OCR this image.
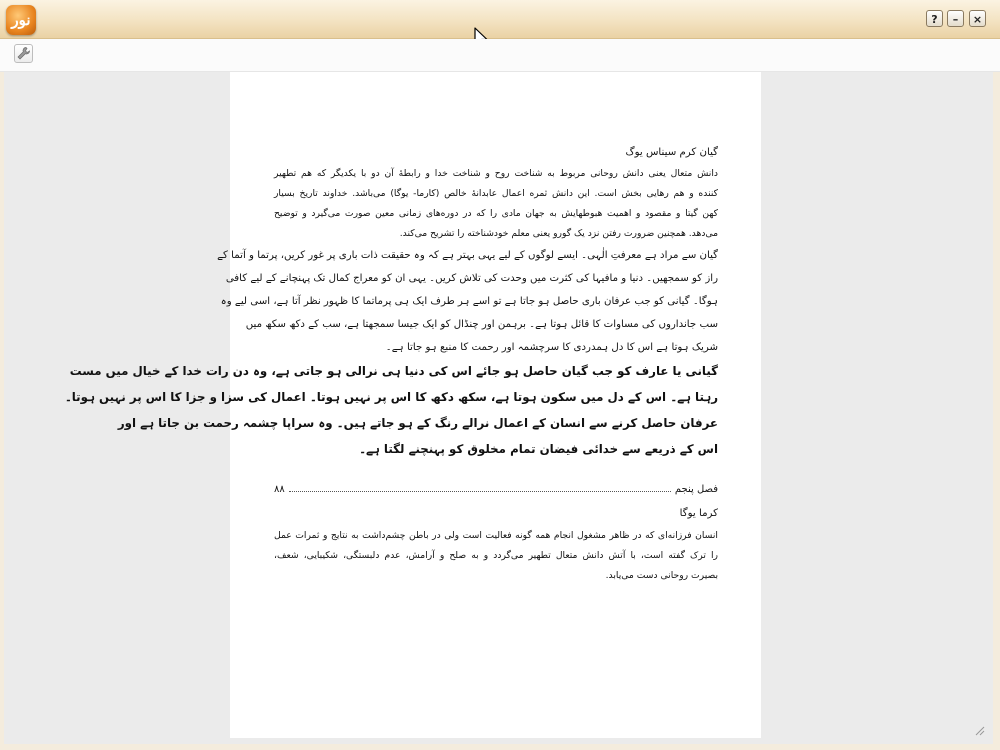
نور	?	–	×
گیان کرم سیناس یوگ
دانش متعال یعنی دانش روحانی مربوط به شناخت روح و شناخت خدا و رابطهٔ آن دو با یکدیگر که هم تطهیر
کننده و هم رهایی بخش است. این دانش ثمره اعمال عابدانهٔ خالص (کارما- یوگا) می‌باشد. خداوند تاریخ بسیار
کهن گیتا و مقصود و اهمیت هبوطهایش به جهان مادی را که در دوره‌های زمانی معین صورت می‌گیرد و توضیح
می‌دهد. همچنین ضرورت رفتن نزد یک گورو یعنی معلم خودشناخته را تشریح می‌کند.
گیان سے مراد ہے معرفتِ الٰہی۔ ایسے لوگوں کے لیے یہی بہتر ہے کہ وہ حقیقت ذات باری پر غور کریں، پرتما و آتما کے
راز کو سمجھیں۔ دنیا و مافیہا کی کثرت میں وحدت کی تلاش کریں۔ یہی ان کو معراج کمال تک پہنچانے کے لیے کافی
ہوگا۔ گیانی کو جب عرفان باری حاصل ہو جاتا ہے تو اسے ہر طرف ایک ہی پرماتما کا ظہور نظر آتا ہے، اسی لیے وہ
سب جانداروں کی مساوات کا قائل ہوتا ہے۔ برہمن اور چنڈال کو ایک جیسا سمجھتا ہے، سب کے دکھ سکھ میں
شریک ہوتا ہے اس کا دل ہمدردی کا سرچشمہ اور رحمت کا منبع ہو جاتا ہے۔
گیانی یا عارف کو جب گیان حاصل ہو جائے اس کی دنیا ہی نرالی ہو جاتی ہے، وہ دن رات خدا کے خیال میں مست
رہتا ہے۔ اس کے دل میں سکون ہوتا ہے، سکھ دکھ کا اس پر نہیں ہوتا۔ اعمال کی سزا و جزا کا اس پر نہیں ہوتا۔
عرفان حاصل کرنے سے انسان کے اعمال نرالے رنگ کے ہو جاتے ہیں۔ وہ سراپا چشمہ رحمت بن جاتا ہے اور
اس کے ذریعے سے خدائی فیضان تمام مخلوق کو پہنچنے لگتا ہے۔
۸۸	فصل پنجم
کرما یوگا
انسان فرزانه‌ای که در ظاهر مشغول انجام همه گونه فعالیت است ولی در باطن چشم‌داشت به نتایج و ثمرات عمل
را ترک گفته است، با آتش دانش متعال تطهیر می‌گردد و به صلح و آرامش، عدم دلبستگی، شکیبایی، شعف،
بصیرت روحانی دست می‌یابد.
